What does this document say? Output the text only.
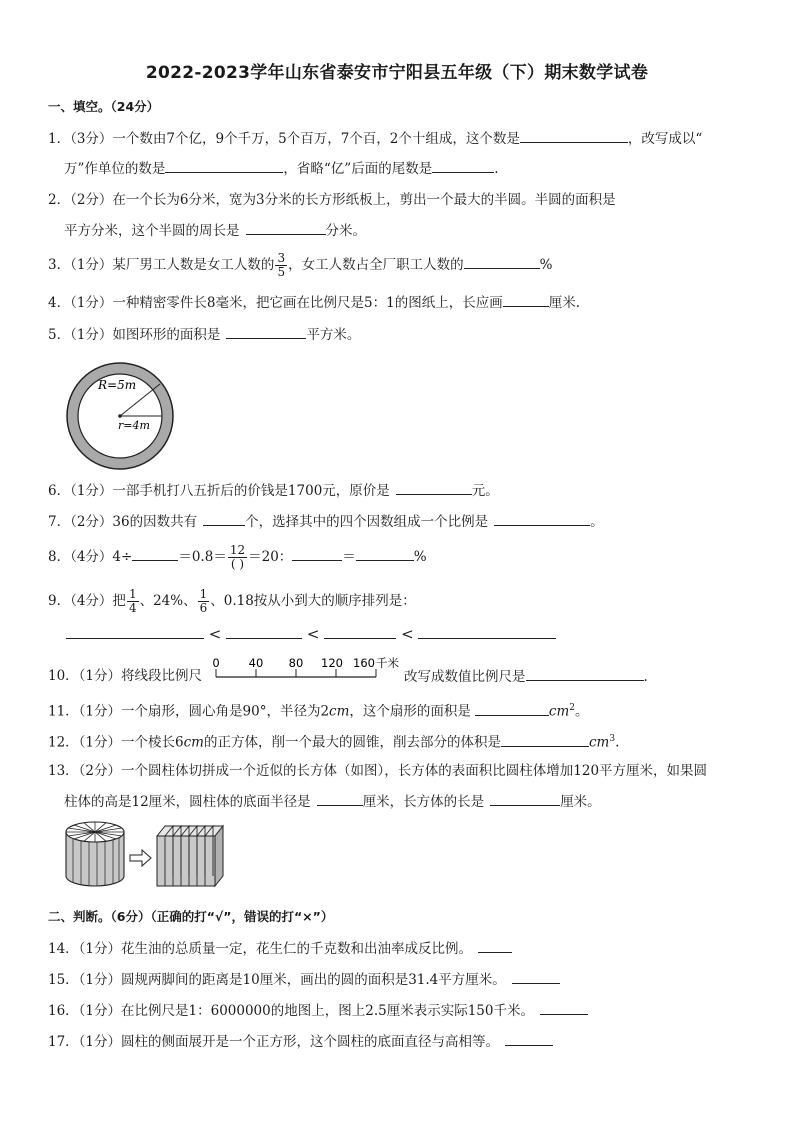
2022-2023学年山东省泰安市宁阳县五年级（下）期末数学试卷
一、填空。（24分）
1．（3分）一个数由7个亿，9个千万，5个百万，7个百，2个十组成，这个数是	，改写成以“
万”作单位的数是	，省略“亿”后面的尾数是	.
2．（2分）在一个长为6分米，宽为3分米的长方形纸板上，剪出一个最大的半圆。半圆的面积是
平方分米，这个半圆的周长是	分米。
3．（1分）某厂男工人数是女工人数的 $\frac{3}{5}$ ，女工人数占全厂职工人数的	%
4．（1分）一种精密零件长8毫米，把它画在比例尺是5：1的图纸上，长应画	厘米.
5．（1分）如图环形的面积是	平方米。
R=5m
r=4m
6．（1分）一部手机打八五折后的价钱是1700元，原价是	元。
7．（2分）36的因数共有	个，选择其中的四个因数组成一个比例是	。
8．（4分）4÷	$=0.8= \frac{12}{( )} =20$：	＝	%
9．（4分）把 $\frac{1}{4}$ 、24%、 $\frac{1}{6}$ 、0.18按从小到大的顺序排列是：
<	<	<
10．（1分）将线段比例尺
0	40 80 120 160 千米
改写成数值比例尺是	.
11．（1分）一个扇形，圆心角是90°，半径为2cm，这个扇形的面积是	$cm^2$。
12．（1分）一个棱长6cm的正方体，削一个最大的圆锥，削去部分的体积是	$cm^3$.
13．（2分）一个圆柱体切拼成一个近似的长方体（如图），长方体的表面积比圆柱体增加120平方厘米，如果圆
柱体的高是12厘米，圆柱体的底面半径是	厘米，长方体的长是	厘米。
二、判断。（6分）（正确的打“√”，错误的打“×”）
14．（1分）花生油的总质量一定，花生仁的千克数和出油率成反比例。
15．（1分）圆规两脚间的距离是10厘米，画出的圆的面积是31.4平方厘米。
16．（1分）在比例尺是1：6000000的地图上，图上2.5厘米表示实际150千米。
17．（1分）圆柱的侧面展开是一个正方形，这个圆柱的底面直径与高相等。
